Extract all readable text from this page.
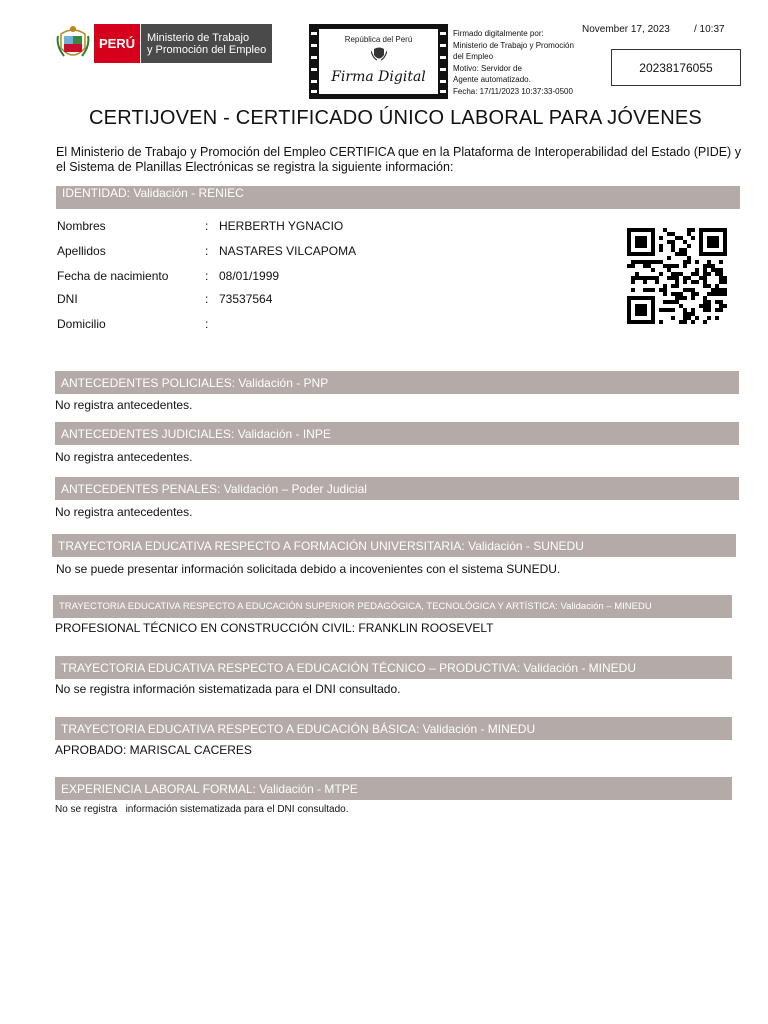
PERÚ	Ministerio de Trabajo
y Promoción del Empleo
República del Perú
Firma Digital
Firmado digitalmente por:
Ministerio de Trabajo y Promoción
del Empleo
Motivo: Servidor de
Agente automatizado.
Fecha: 17/11/2023 10:37:33-0500
November 17, 2023 / 10:37
20238176055
CERTIJOVEN - CERTIFICADO ÚNICO LABORAL PARA JÓVENES
El Ministerio de Trabajo y Promoción del Empleo CERTIFICA que en la Plataforma de Interoperabilidad del Estado (PIDE) y el Sistema de Planillas Electrónicas se registra la siguiente información:
IDENTIDAD: Validación - RENIEC
Nombres	: HERBERTH YGNACIO
Apellidos	: NASTARES VILCAPOMA
Fecha de nacimiento	: 08/01/1999
DNI	: 73537564
Domicilio	:
ANTECEDENTES POLICIALES: Validación - PNP
No registra antecedentes.
ANTECEDENTES JUDICIALES: Validación - INPE
No registra antecedentes.
ANTECEDENTES PENALES: Validación – Poder Judicial
No registra antecedentes.
TRAYECTORIA EDUCATIVA RESPECTO A FORMACIÓN UNIVERSITARIA: Validación - SUNEDU
No se puede presentar información solicitada debido a incovenientes con el sistema SUNEDU.
TRAYECTORIA EDUCATIVA RESPECTO A EDUCACIÓN SUPERIOR PEDAGÓGICA, TECNOLÓGICA Y ARTÍSTICA: Validación – MINEDU
PROFESIONAL TÉCNICO EN CONSTRUCCIÓN CIVIL: FRANKLIN ROOSEVELT
TRAYECTORIA EDUCATIVA RESPECTO A EDUCACIÓN TÉCNICO – PRODUCTIVA: Validación - MINEDU
No se registra información sistematizada para el DNI consultado.
TRAYECTORIA EDUCATIVA RESPECTO A EDUCACIÓN BÁSICA: Validación - MINEDU
APROBADO: MARISCAL CACERES
EXPERIENCIA LABORAL FORMAL: Validación - MTPE
No se registra   información sistematizada para el DNI consultado.
